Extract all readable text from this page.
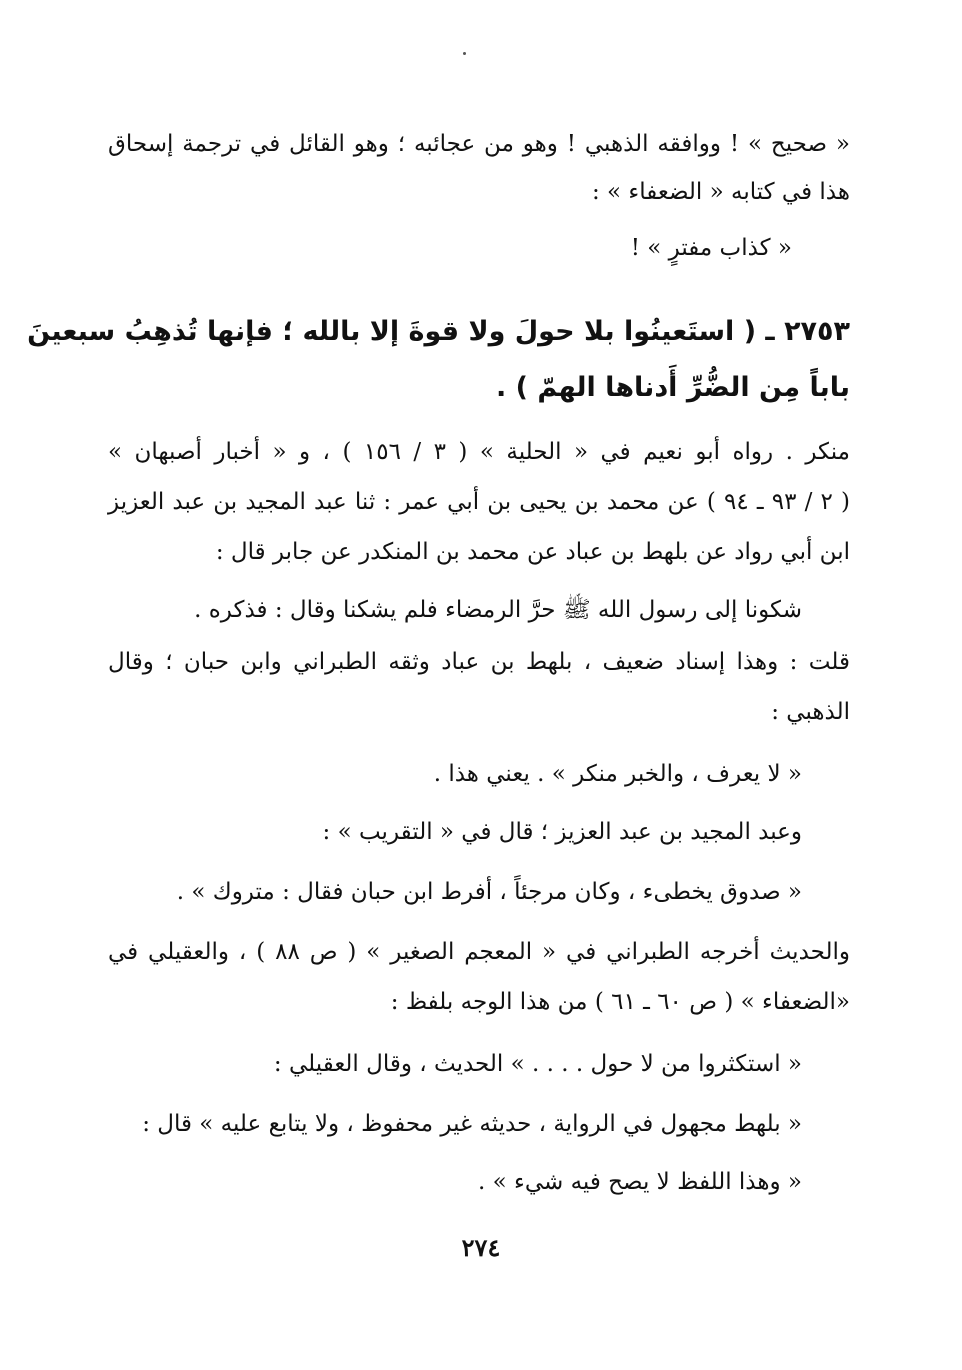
« صحيح » ! ووافقه الذهبي ! وهو من عجائبه ؛ وهو القائل في ترجمة إسحاق
هذا في كتابه « الضعفاء » :
« كذاب مفترٍ » !
٢٧٥٣ ـ ( استَعينُوا بلا حولَ ولا قوةَ إلا بالله ؛ فإنها تُذهِبُ سبعينَ
باباً مِن الضُّرِّ أَدناها الهمّ ) .
منكر . رواه أبو نعيم في « الحلية » ( ٣ / ١٥٦ ) ، و « أخبار أصبهان »
( ٢ / ٩٣ ـ ٩٤ ) عن محمد بن يحيى بن أبي عمر : ثنا عبد المجيد بن عبد العزيز
ابن أبي رواد عن بلهط بن عباد عن محمد بن المنكدر عن جابر قال :
شكونا إلى رسول الله ﷺ حرَّ الرمضاء فلم يشكنا وقال : فذكره .
قلت : وهذا إسناد ضعيف ، بلهط بن عباد وثقه الطبراني وابن حبان ؛ وقال
الذهبي :
« لا يعرف ، والخبر منكر » . يعني هذا .
وعبد المجيد بن عبد العزيز ؛ قال في « التقريب » :
« صدوق يخطىء ، وكان مرجئاً ، أفرط ابن حبان فقال : متروك » .
والحديث أخرجه الطبراني في « المعجم الصغير » ( ص ٨٨ ) ، والعقيلي في
«الضعفاء » ( ص ٦٠ ـ ٦١ ) من هذا الوجه بلفظ :
« استكثروا من لا حول . . . . » الحديث ، وقال العقيلي :
« بلهط مجهول في الرواية ، حديثه غير محفوظ ، ولا يتابع عليه » قال :
« وهذا اللفظ لا يصح فيه شيء » .
٢٧٤
